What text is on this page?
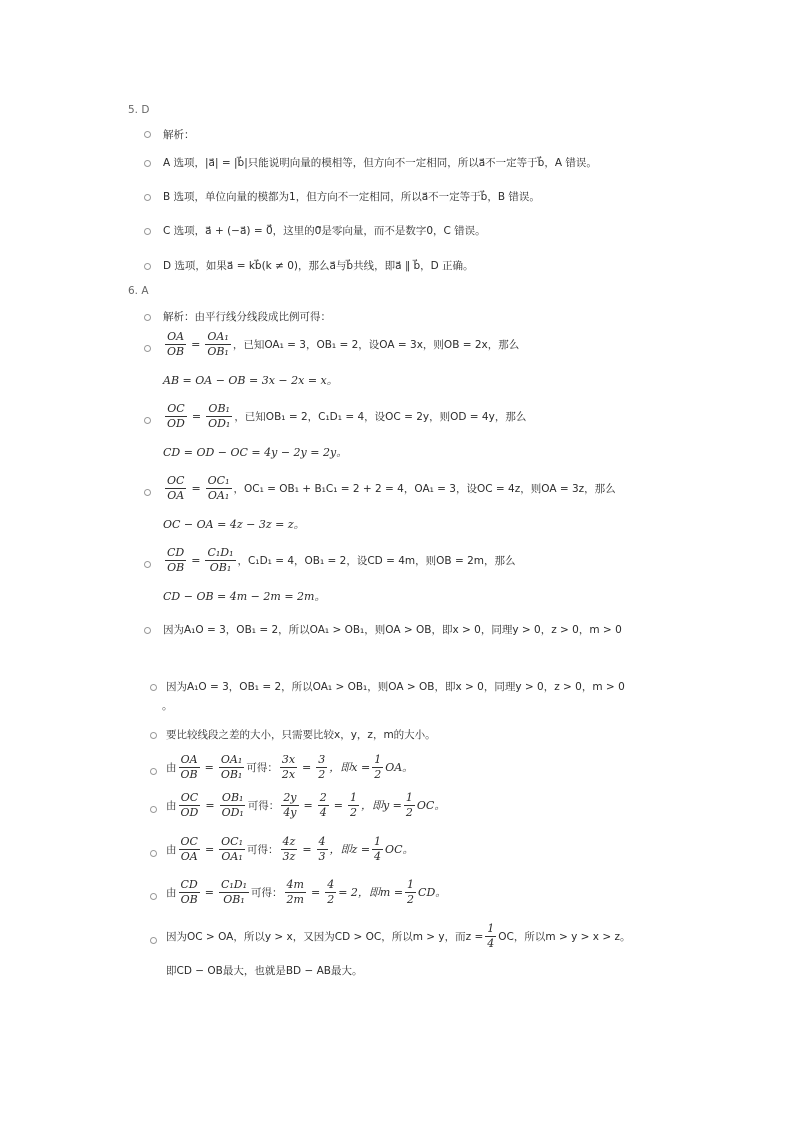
5. D
解析：
A 选项，|a⃗| = |b⃗|只能说明向量的模相等，但方向不一定相同，所以a⃗不一定等于b⃗，A 错误。
B 选项，单位向量的模都为1，但方向不一定相同，所以a⃗不一定等于b⃗，B 错误。
C 选项，a⃗ + (−a⃗) = 0⃗，这里的0⃗是零向量，而不是数字0，C 错误。
D 选项，如果a⃗ = kb⃗(k ≠ 0)，那么a⃗与b⃗共线，即a⃗ ∥ b⃗，D 正确。
6. A
解析：由平行线分线段成比例可得：
$\frac{OA}{OB} = \frac{\text{OA₁}}{\text{OB₁}}$ ，已知OA₁ = 3，OB₁ = 2，设OA = 3x，则OB = 2x，那么
AB = OA − OB = 3x − 2x = x。
$\frac{OC}{OD} = \frac{\text{OB₁}}{\text{OD₁}}$ ，已知OB₁ = 2，C₁D₁ = 4，设OC = 2y，则OD = 4y，那么
CD = OD − OC = 4y − 2y = 2y。
$\frac{OC}{OA} = \frac{\text{OC₁}}{\text{OA₁}}$ ，OC₁ = OB₁ + B₁C₁ = 2 + 2 = 4，OA₁ = 3，设OC = 4z，则OA = 3z，那么
OC − OA = 4z − 3z = z。
$\frac{CD}{OB} = \frac{\text{C₁D₁}}{\text{OB₁}}$ ，C₁D₁ = 4，OB₁ = 2，设CD = 4m，则OB = 2m，那么
CD − OB = 4m − 2m = 2m。
因为A₁O = 3，OB₁ = 2，所以OA₁ > OB₁，则OA > OB，即x > 0，同理y > 0，z > 0，m > 0
因为A₁O = 3，OB₁ = 2，所以OA₁ > OB₁，则OA > OB，即x > 0，同理y > 0，z > 0，m > 0
。
要比较线段之差的大小，只需要比较x，y，z，m的大小。
由 $\frac{OA}{OB} = \frac{\text{OA₁}}{\text{OB₁}}$ 可得： $\frac{3x}{2x} = \frac{3}{2}$ ，即$x = \frac{1}{2}$ OA。
由 $\frac{OC}{OD} = \frac{\text{OB₁}}{\text{OD₁}}$ 可得： $\frac{2y}{4y} = \frac{2}{4} = \frac{1}{2}$ ，即$y = \frac{1}{2}$ OC。
由 $\frac{OC}{OA} = \frac{\text{OC₁}}{\text{OA₁}}$ 可得： $\frac{4z}{3z} = \frac{4}{3}$ ，即$z = \frac{1}{4}$ OC。
由 $\frac{CD}{OB} = \frac{\text{C₁D₁}}{\text{OB₁}}$ 可得： $\frac{4m}{2m} = \frac{4}{2} = 2$，即$m = \frac{1}{2}$ CD。
因为OC > OA，所以y > x，又因为CD > OC，所以m > y，而$z = \frac{1}{4}$ OC，所以m > y > x > z。
即CD − OB最大，也就是BD − AB最大。
